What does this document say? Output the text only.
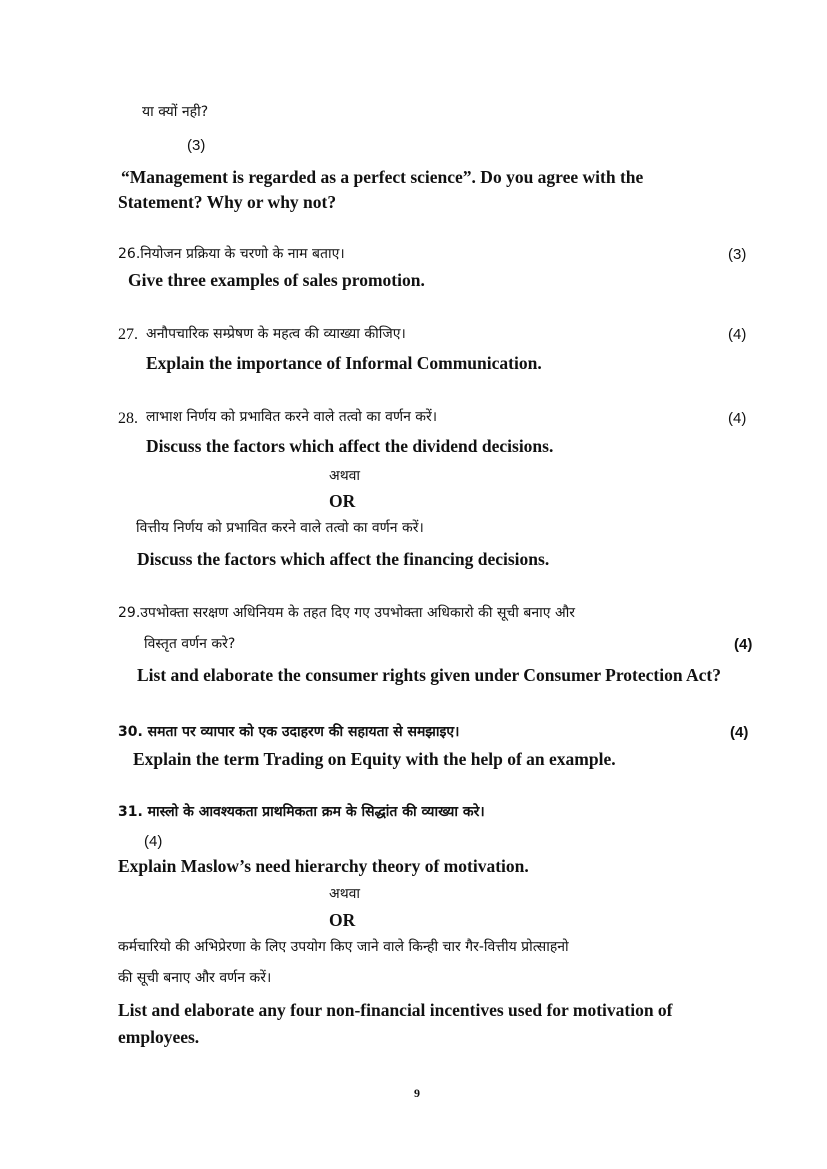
या क्यों नही?
(3)
“Management is regarded as a perfect science”. Do you agree with the
Statement? Why or why not?
26.नियोजन प्रक्रिया के चरणो के नाम बताए।	(3)
Give three examples of sales promotion.
27. अनौपचारिक सम्प्रेषण के महत्व की व्याख्या कीजिए।	(4)
Explain the importance of Informal Communication.
28. लाभाश निर्णय को प्रभावित करने वाले तत्वो का वर्णन करें।	(4)
Discuss the factors which affect the dividend decisions.
अथवा
OR
वित्तीय निर्णय को प्रभावित करने वाले तत्वो का वर्णन करें।
Discuss the factors which affect the financing decisions.
29.उपभोक्ता सरक्षण अधिनियम के तहत दिए गए उपभोक्ता अधिकारो की सूची बनाए और
विस्तृत वर्णन करे?	(4)
List and elaborate the consumer rights given under Consumer Protection Act?
30. समता पर व्यापार को एक उदाहरण की सहायता से समझाइए।	(4)
Explain the term Trading on Equity with the help of an example.
31. मास्लो के आवश्यकता प्राथमिकता क्रम के सिद्धांत की व्याख्या करे।
(4)
Explain Maslow’s need hierarchy theory of motivation.
अथवा
OR
कर्मचारियो की अभिप्रेरणा के लिए उपयोग किए जाने वाले किन्ही चार गैर-वित्तीय प्रोत्साहनो
की सूची बनाए और वर्णन करें।
List and elaborate any four non-financial incentives used for motivation of
employees.
9
